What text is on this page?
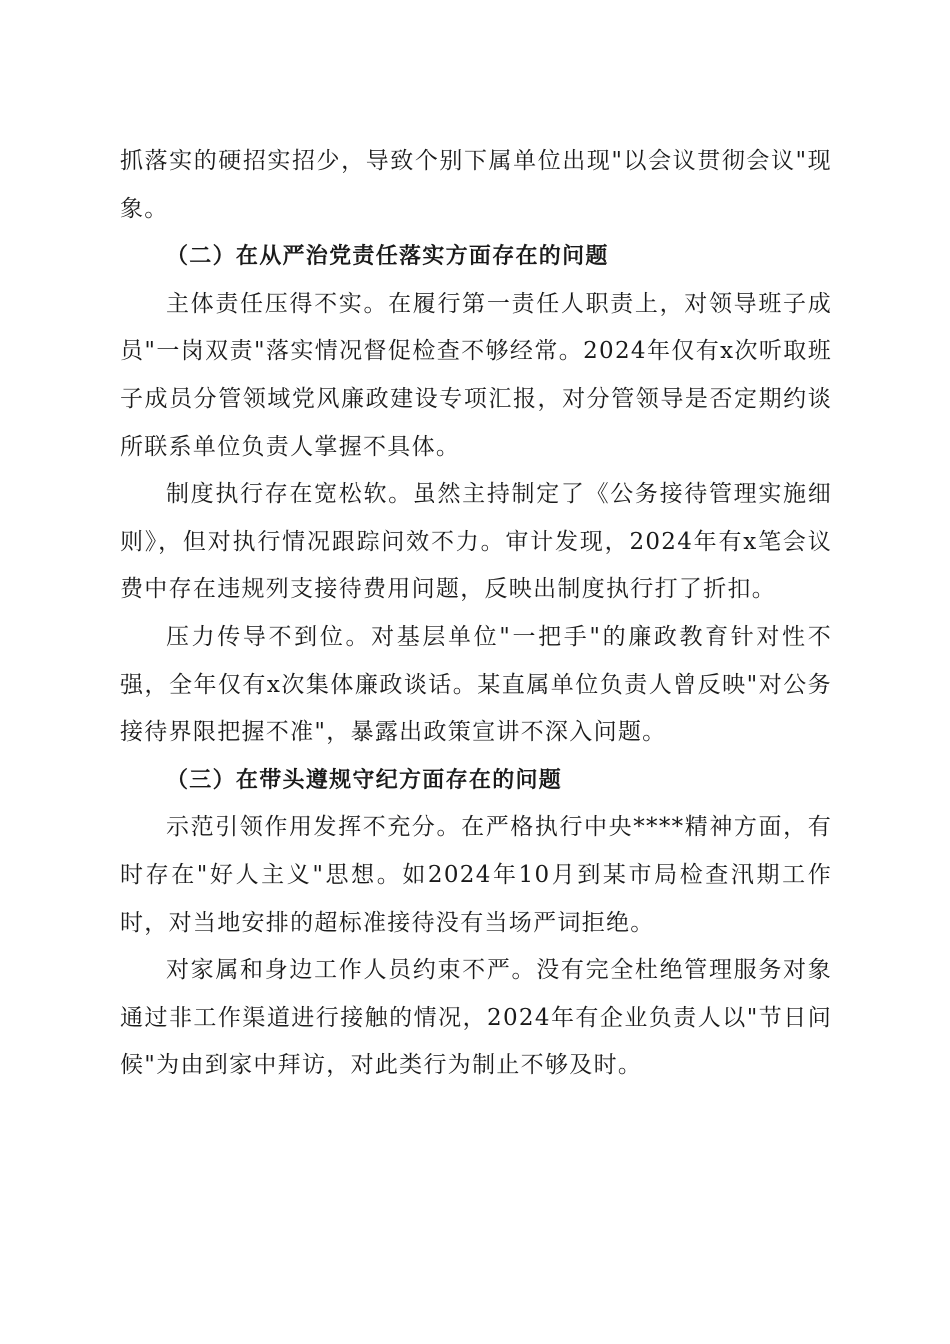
抓落实的硬招实招少，导致个别下属单位出现"以会议贯彻会议"现象。

（二）在从严治党责任落实方面存在的问题

主体责任压得不实。在履行第一责任人职责上，对领导班子成员"一岗双责"落实情况督促检查不够经常。2024年仅有x次听取班子成员分管领域党风廉政建设专项汇报，对分管领导是否定期约谈所联系单位负责人掌握不具体。

制度执行存在宽松软。虽然主持制定了《公务接待管理实施细则》，但对执行情况跟踪问效不力。审计发现，2024年有x笔会议费中存在违规列支接待费用问题，反映出制度执行打了折扣。

压力传导不到位。对基层单位"一把手"的廉政教育针对性不强，全年仅有x次集体廉政谈话。某直属单位负责人曾反映"对公务接待界限把握不准"，暴露出政策宣讲不深入问题。

（三）在带头遵规守纪方面存在的问题

示范引领作用发挥不充分。在严格执行中央****精神方面，有时存在"好人主义"思想。如2024年10月到某市局检查汛期工作时，对当地安排的超标准接待没有当场严词拒绝。

对家属和身边工作人员约束不严。没有完全杜绝管理服务对象通过非工作渠道进行接触的情况，2024年有企业负责人以"节日问候"为由到家中拜访，对此类行为制止不够及时。
